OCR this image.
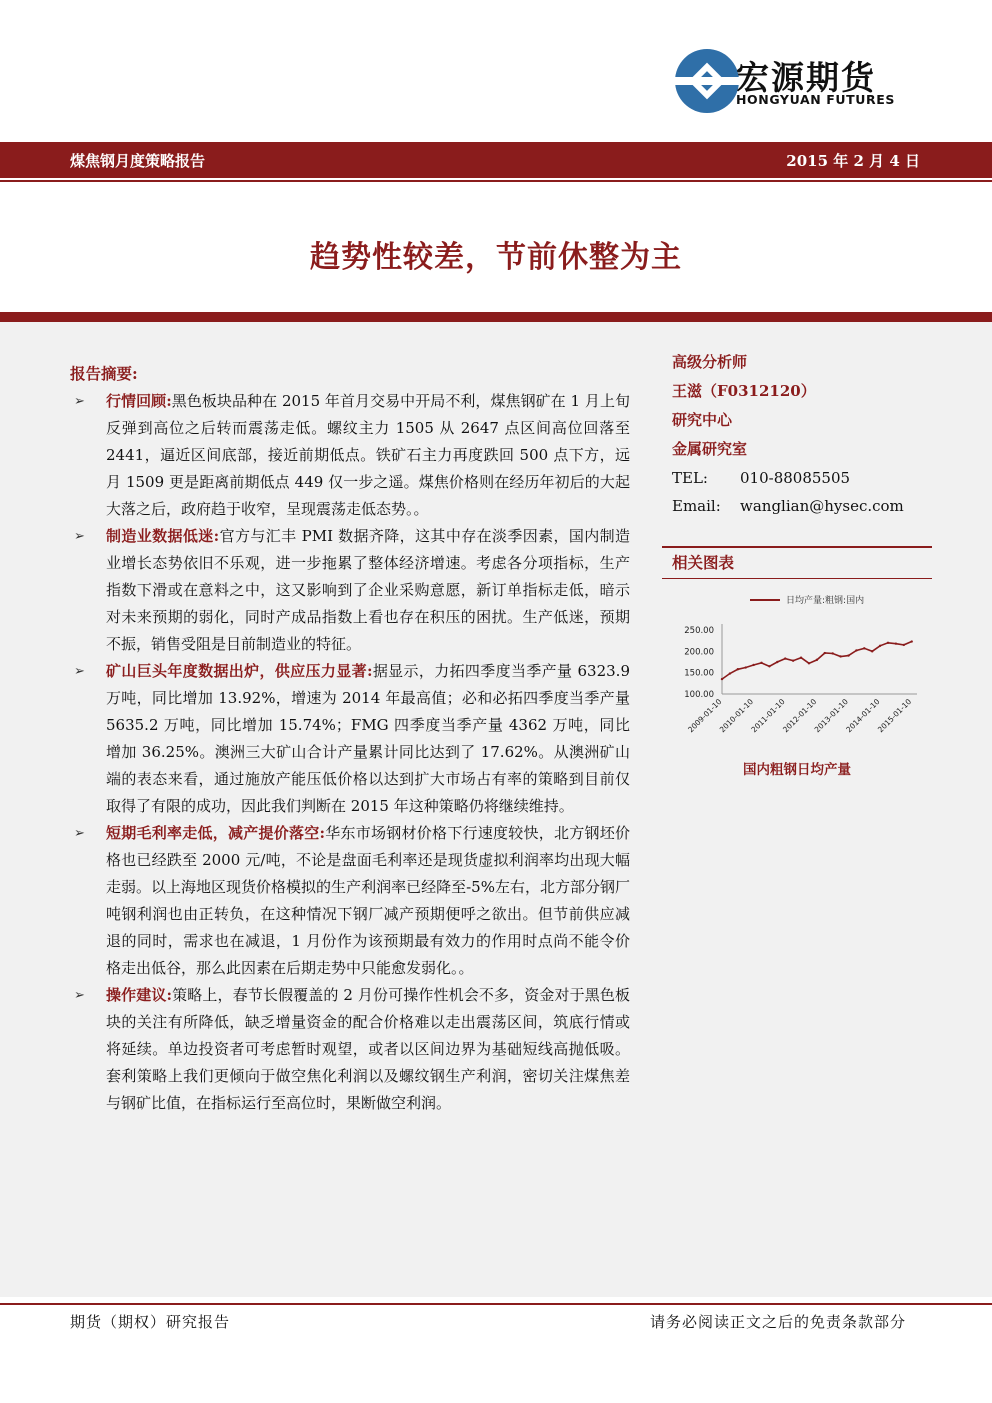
宏源期货
HONGYUAN FUTURES
煤焦钢月度策略报告	2015 年 2 月 4 日
趋势性较差，节前休整为主
报告摘要:
➢ 行情回顾:黑色板块品种在 2015 年首月交易中开局不利，煤焦钢矿在 1 月上旬反弹到高位之后转而震荡走低。螺纹主力 1505 从 2647 点区间高位回落至 2441，逼近区间底部，接近前期低点。铁矿石主力再度跌回 500 点下方，远月 1509 更是距离前期低点 449 仅一步之遥。煤焦价格则在经历年初后的大起大落之后，政府趋于收窄，呈现震荡走低态势。。
➢ 制造业数据低迷:官方与汇丰 PMI 数据齐降，这其中存在淡季因素，国内制造业增长态势依旧不乐观，进一步拖累了整体经济增速。考虑各分项指标，生产指数下滑或在意料之中，这又影响到了企业采购意愿，新订单指标走低，暗示对未来预期的弱化，同时产成品指数上看也存在积压的困扰。生产低迷，预期不振，销售受阻是目前制造业的特征。
➢ 矿山巨头年度数据出炉，供应压力显著:据显示，力拓四季度当季产量 6323.9 万吨，同比增加 13.92%，增速为 2014 年最高值；必和必拓四季度当季产量 5635.2 万吨，同比增加 15.74%；FMG 四季度当季产量 4362 万吨，同比增加 36.25%。澳洲三大矿山合计产量累计同比达到了 17.62%。从澳洲矿山端的表态来看，通过施放产能压低价格以达到扩大市场占有率的策略到目前仅取得了有限的成功，因此我们判断在 2015 年这种策略仍将继续维持。
➢ 短期毛利率走低，减产提价落空:华东市场钢材价格下行速度较快，北方钢坯价格也已经跌至 2000 元/吨，不论是盘面毛利率还是现货虚拟利润率均出现大幅走弱。以上海地区现货价格模拟的生产利润率已经降至-5%左右，北方部分钢厂吨钢利润也由正转负，在这种情况下钢厂减产预期便呼之欲出。但节前供应减退的同时，需求也在减退，1 月份作为该预期最有效力的作用时点尚不能令价格走出低谷，那么此因素在后期走势中只能愈发弱化。。
➢ 操作建议:策略上，春节长假覆盖的 2 月份可操作性机会不多，资金对于黑色板块的关注有所降低，缺乏增量资金的配合价格难以走出震荡区间，筑底行情或将延续。单边投资者可考虑暂时观望，或者以区间边界为基础短线高抛低吸。套利策略上我们更倾向于做空焦化利润以及螺纹钢生产利润，密切关注煤焦差与钢矿比值，在指标运行至高位时，果断做空利润。
高级分析师
王滋（F0312120）
研究中心
金属研究室
TEL: 010-88085505
Email: wanglian@hysec.com
相关图表
日均产量:粗钢:国内
250.00
200.00
150.00
100.00
2009-01-10
2010-01-10
2011-01-10
2012-01-10
2013-01-10
2014-01-10
2015-01-10
国内粗钢日均产量
期货（期权）研究报告	请务必阅读正文之后的免责条款部分
